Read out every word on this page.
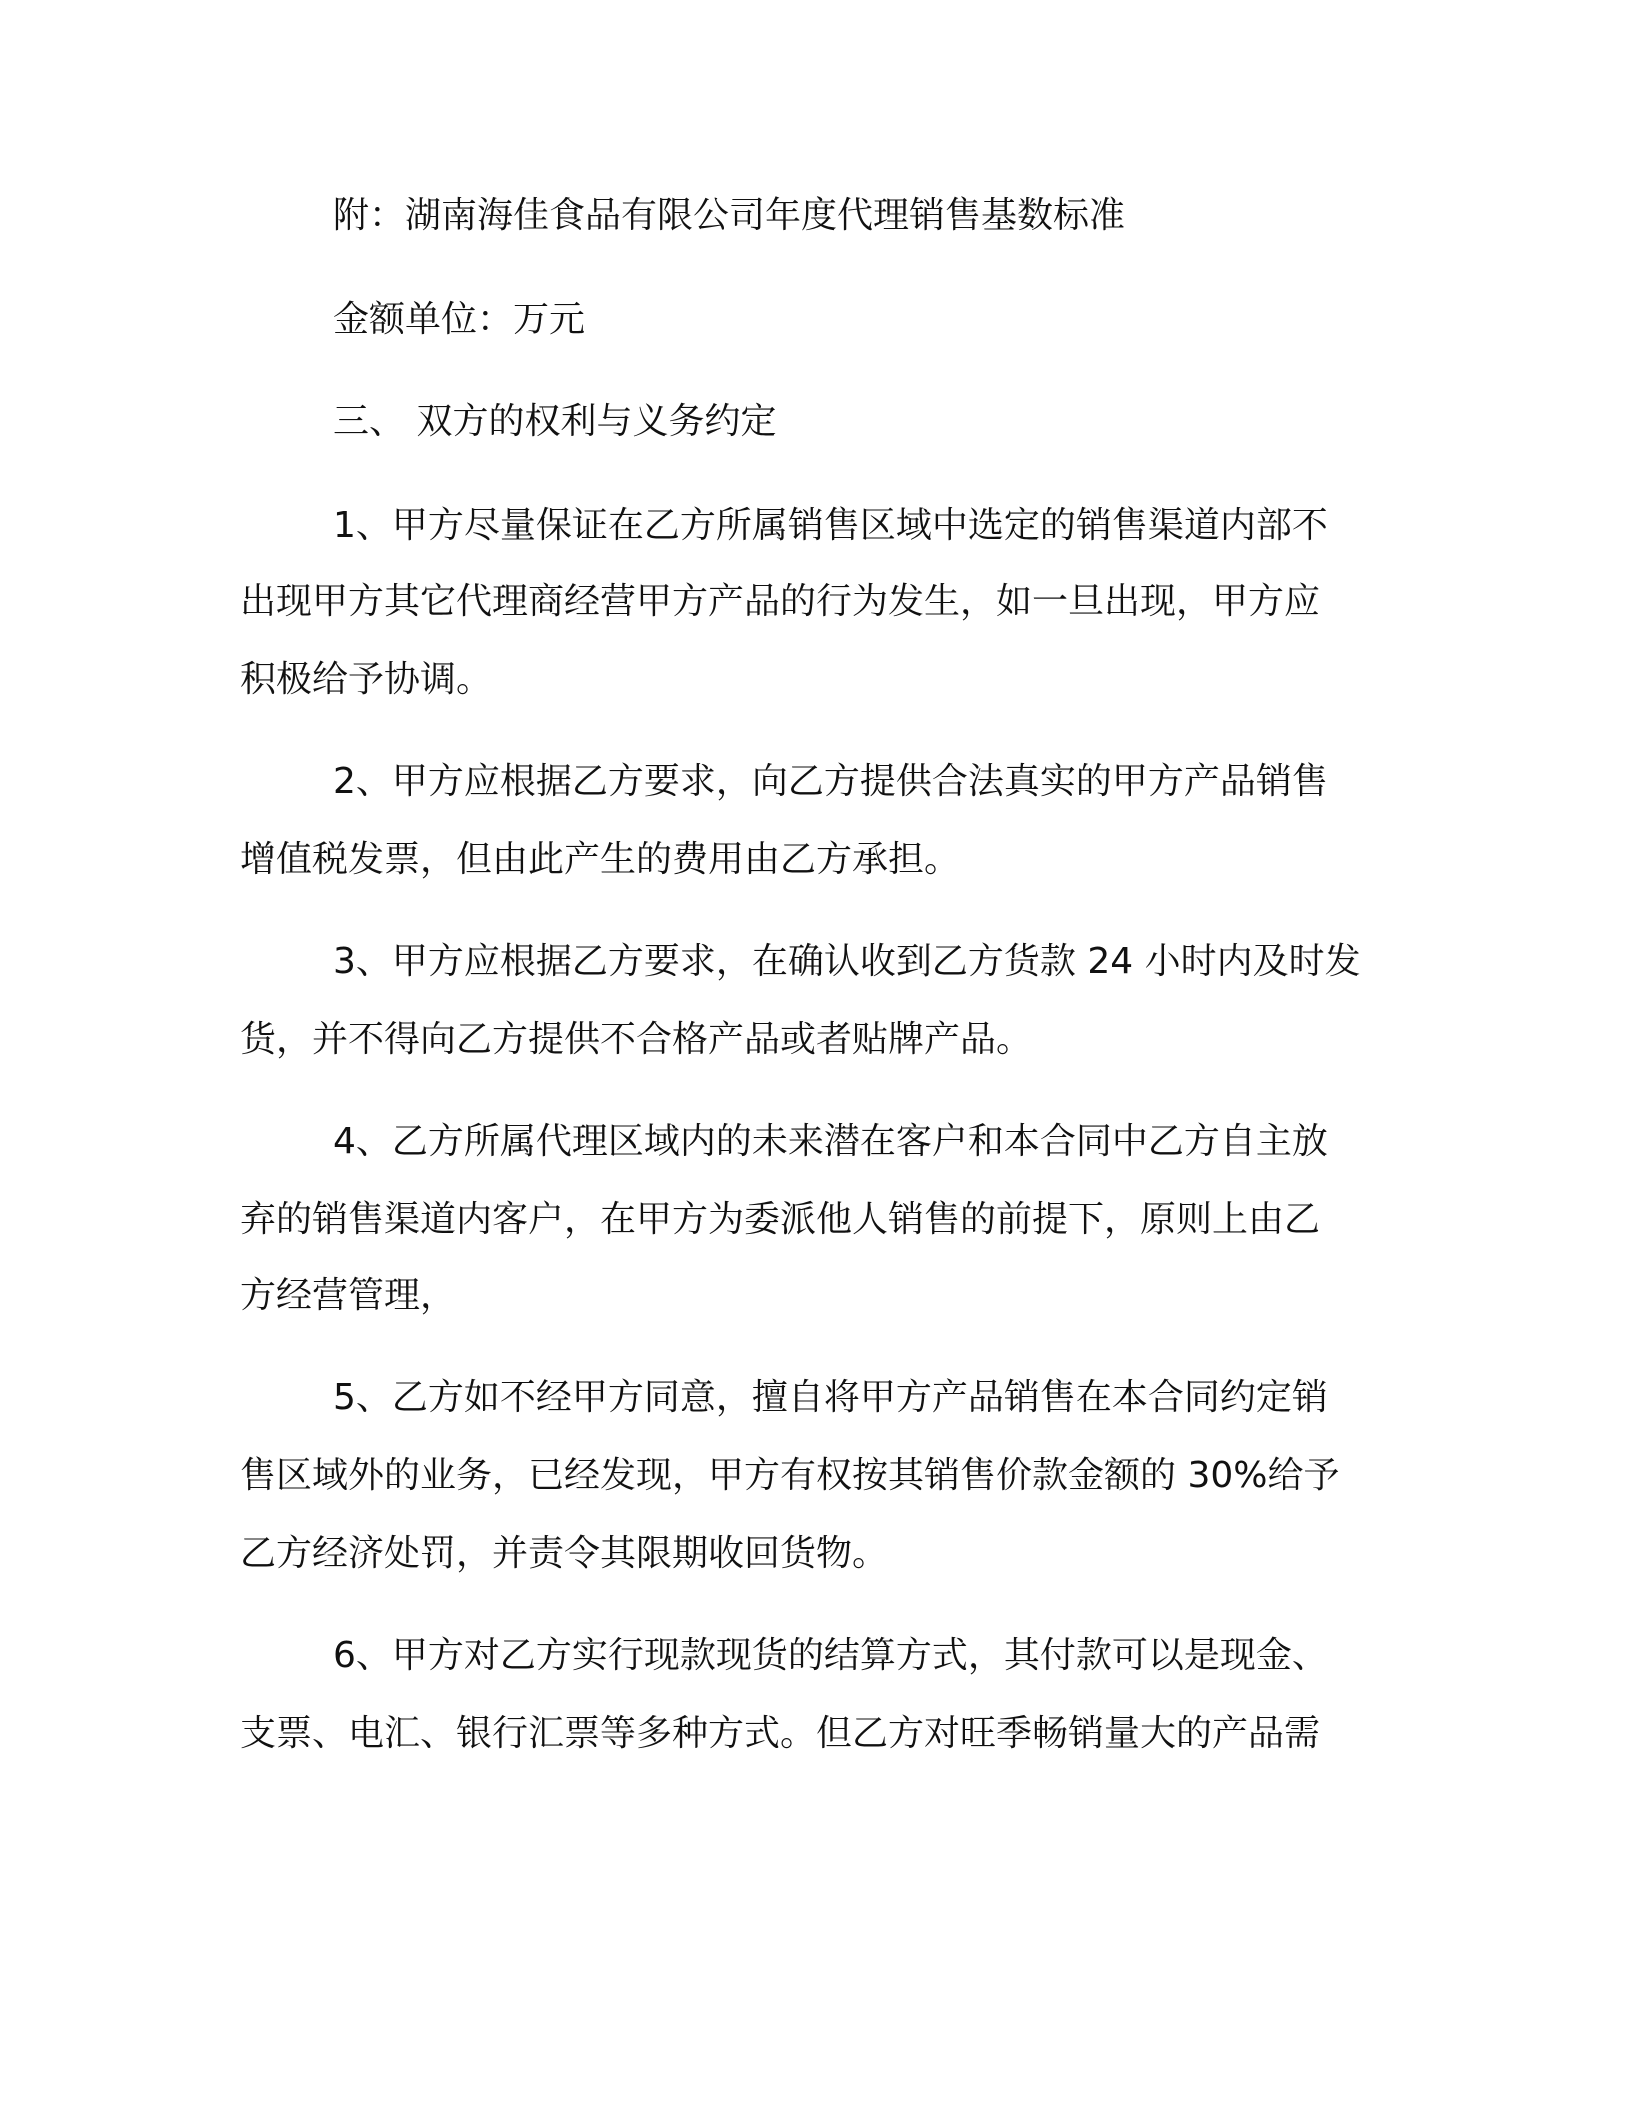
附：湖南海佳食品有限公司年度代理销售基数标准
金额单位：万元
三、 双方的权利与义务约定
1、甲方尽量保证在乙方所属销售区域中选定的销售渠道内部不
出现甲方其它代理商经营甲方产品的行为发生，如一旦出现，甲方应
积极给予协调。
2、甲方应根据乙方要求，向乙方提供合法真实的甲方产品销售
增值税发票，但由此产生的费用由乙方承担。
3、甲方应根据乙方要求，在确认收到乙方货款 24 小时内及时发
货，并不得向乙方提供不合格产品或者贴牌产品。
4、乙方所属代理区域内的未来潜在客户和本合同中乙方自主放
弃的销售渠道内客户，在甲方为委派他人销售的前提下，原则上由乙
方经营管理，
5、乙方如不经甲方同意，擅自将甲方产品销售在本合同约定销
售区域外的业务，已经发现，甲方有权按其销售价款金额的 30%给予
乙方经济处罚，并责令其限期收回货物。
6、甲方对乙方实行现款现货的结算方式，其付款可以是现金、
支票、电汇、银行汇票等多种方式。但乙方对旺季畅销量大的产品需
